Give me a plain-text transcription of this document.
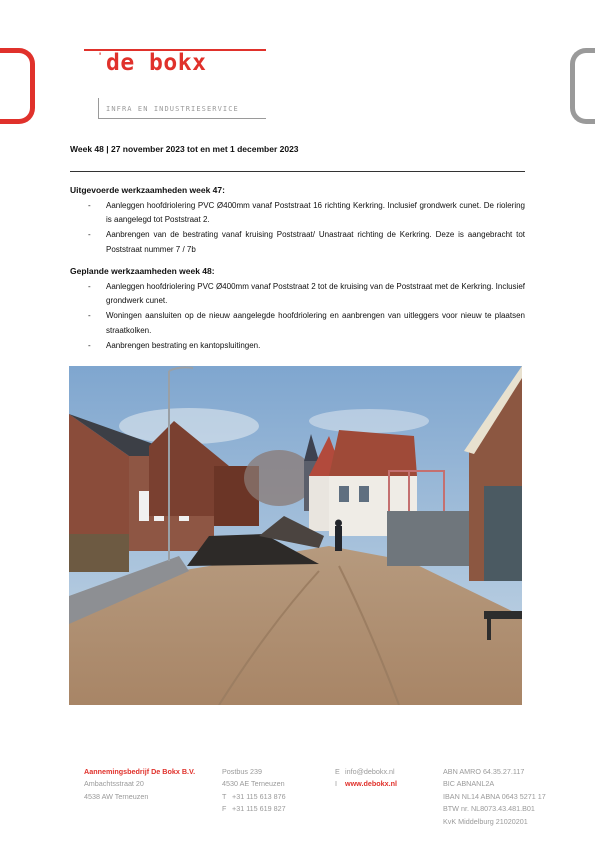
' de bokx
INFRA EN INDUSTRIESERVICE
Week 48 | 27 november 2023 tot en met 1 december 2023
Uitgevoerde werkzaamheden week 47:
- Aanleggen hoofdriolering PVC Ø400mm vanaf Poststraat 16 richting Kerkring. Inclusief grondwerk cunet. De riolering is aangelegd tot Poststraat 2.
- Aanbrengen van de bestrating vanaf kruising Poststraat/ Unastraat richting de Kerkring. Deze is aangebracht tot Poststraat nummer 7 / 7b
Geplande werkzaamheden week 48:
- Aanleggen hoofdriolering PVC Ø400mm vanaf Poststraat 2 tot de kruising van de Poststraat met de Kerkring. Inclusief grondwerk cunet.
- Woningen aansluiten op de nieuw aangelegde hoofdriolering en aanbrengen van uitleggers voor nieuw te plaatsen straatkolken.
- Aanbrengen bestrating en kantopsluitingen.
Aannemingsbedrijf De Bokx B.V.
Ambachtsstraat 20
4538 AW Terneuzen
Postbus 239
4530 AE Terneuzen
T +31 115 613 876
F +31 115 619 827
E info@debokx.nl
I www.debokx.nl
ABN AMRO 64.35.27.117
BIC ABNANL2A
IBAN NL14 ABNA 0643 5271 17
BTW nr. NL8073.43.481.B01
KvK Middelburg 21020201
